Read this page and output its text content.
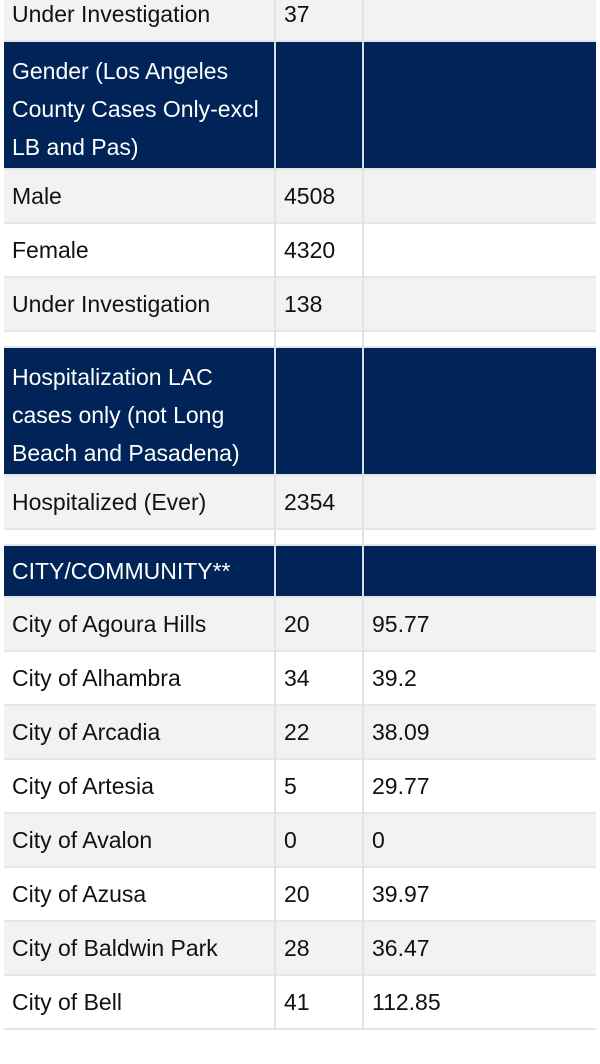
Under Investigation	37
Gender (Los Angeles County Cases Only-excl LB and Pas)
Male	4508
Female	4320
Under Investigation	138
Hospitalization LAC cases only (not Long Beach and Pasadena)
Hospitalized (Ever)	2354
CITY/COMMUNITY**
City of Agoura Hills	20	95.77
City of Alhambra	34	39.2
City of Arcadia	22	38.09
City of Artesia	5	29.77
City of Avalon	0	0
City of Azusa	20	39.97
City of Baldwin Park	28	36.47
City of Bell	41	112.85
